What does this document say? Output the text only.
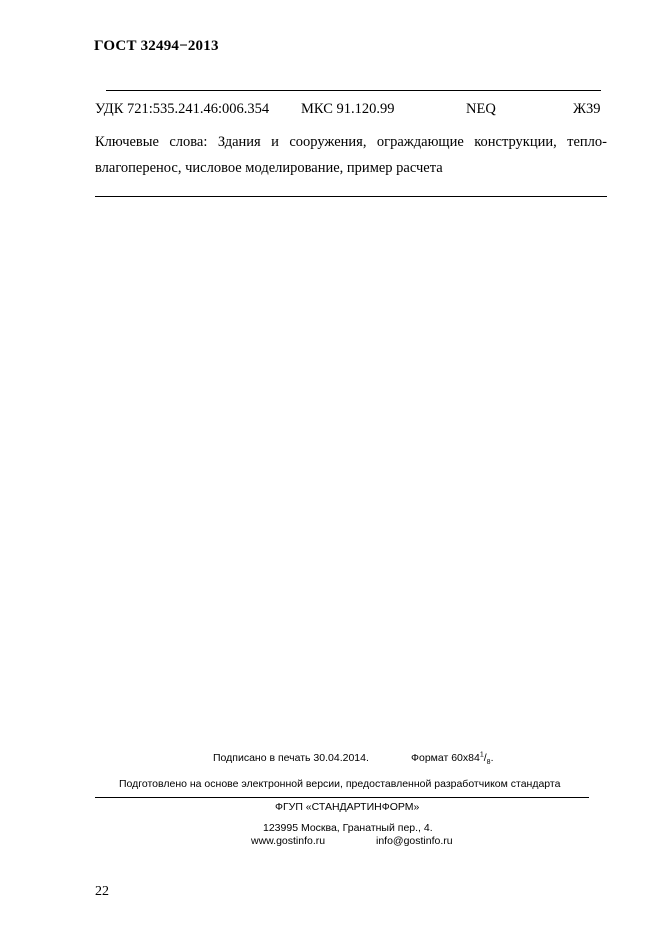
ГОСТ 32494−2013
УДК 721:535.241.46:006.354 МКС 91.120.99	NEQ	Ж39
Ключевые слова: Здания и сооружения, ограждающие конструкции, тепло-влагоперенос, числовое моделирование, пример расчета
Подписано в печать 30.04.2014.	Формат $60x84^1/_8$.
Подготовлено на основе электронной версии, предоставленной разработчиком стандарта
ФГУП «СТАНДАРТИНФОРМ»
123995 Москва, Гранатный пер., 4.
www.gostinfo.ru	info@gostinfo.ru
22
